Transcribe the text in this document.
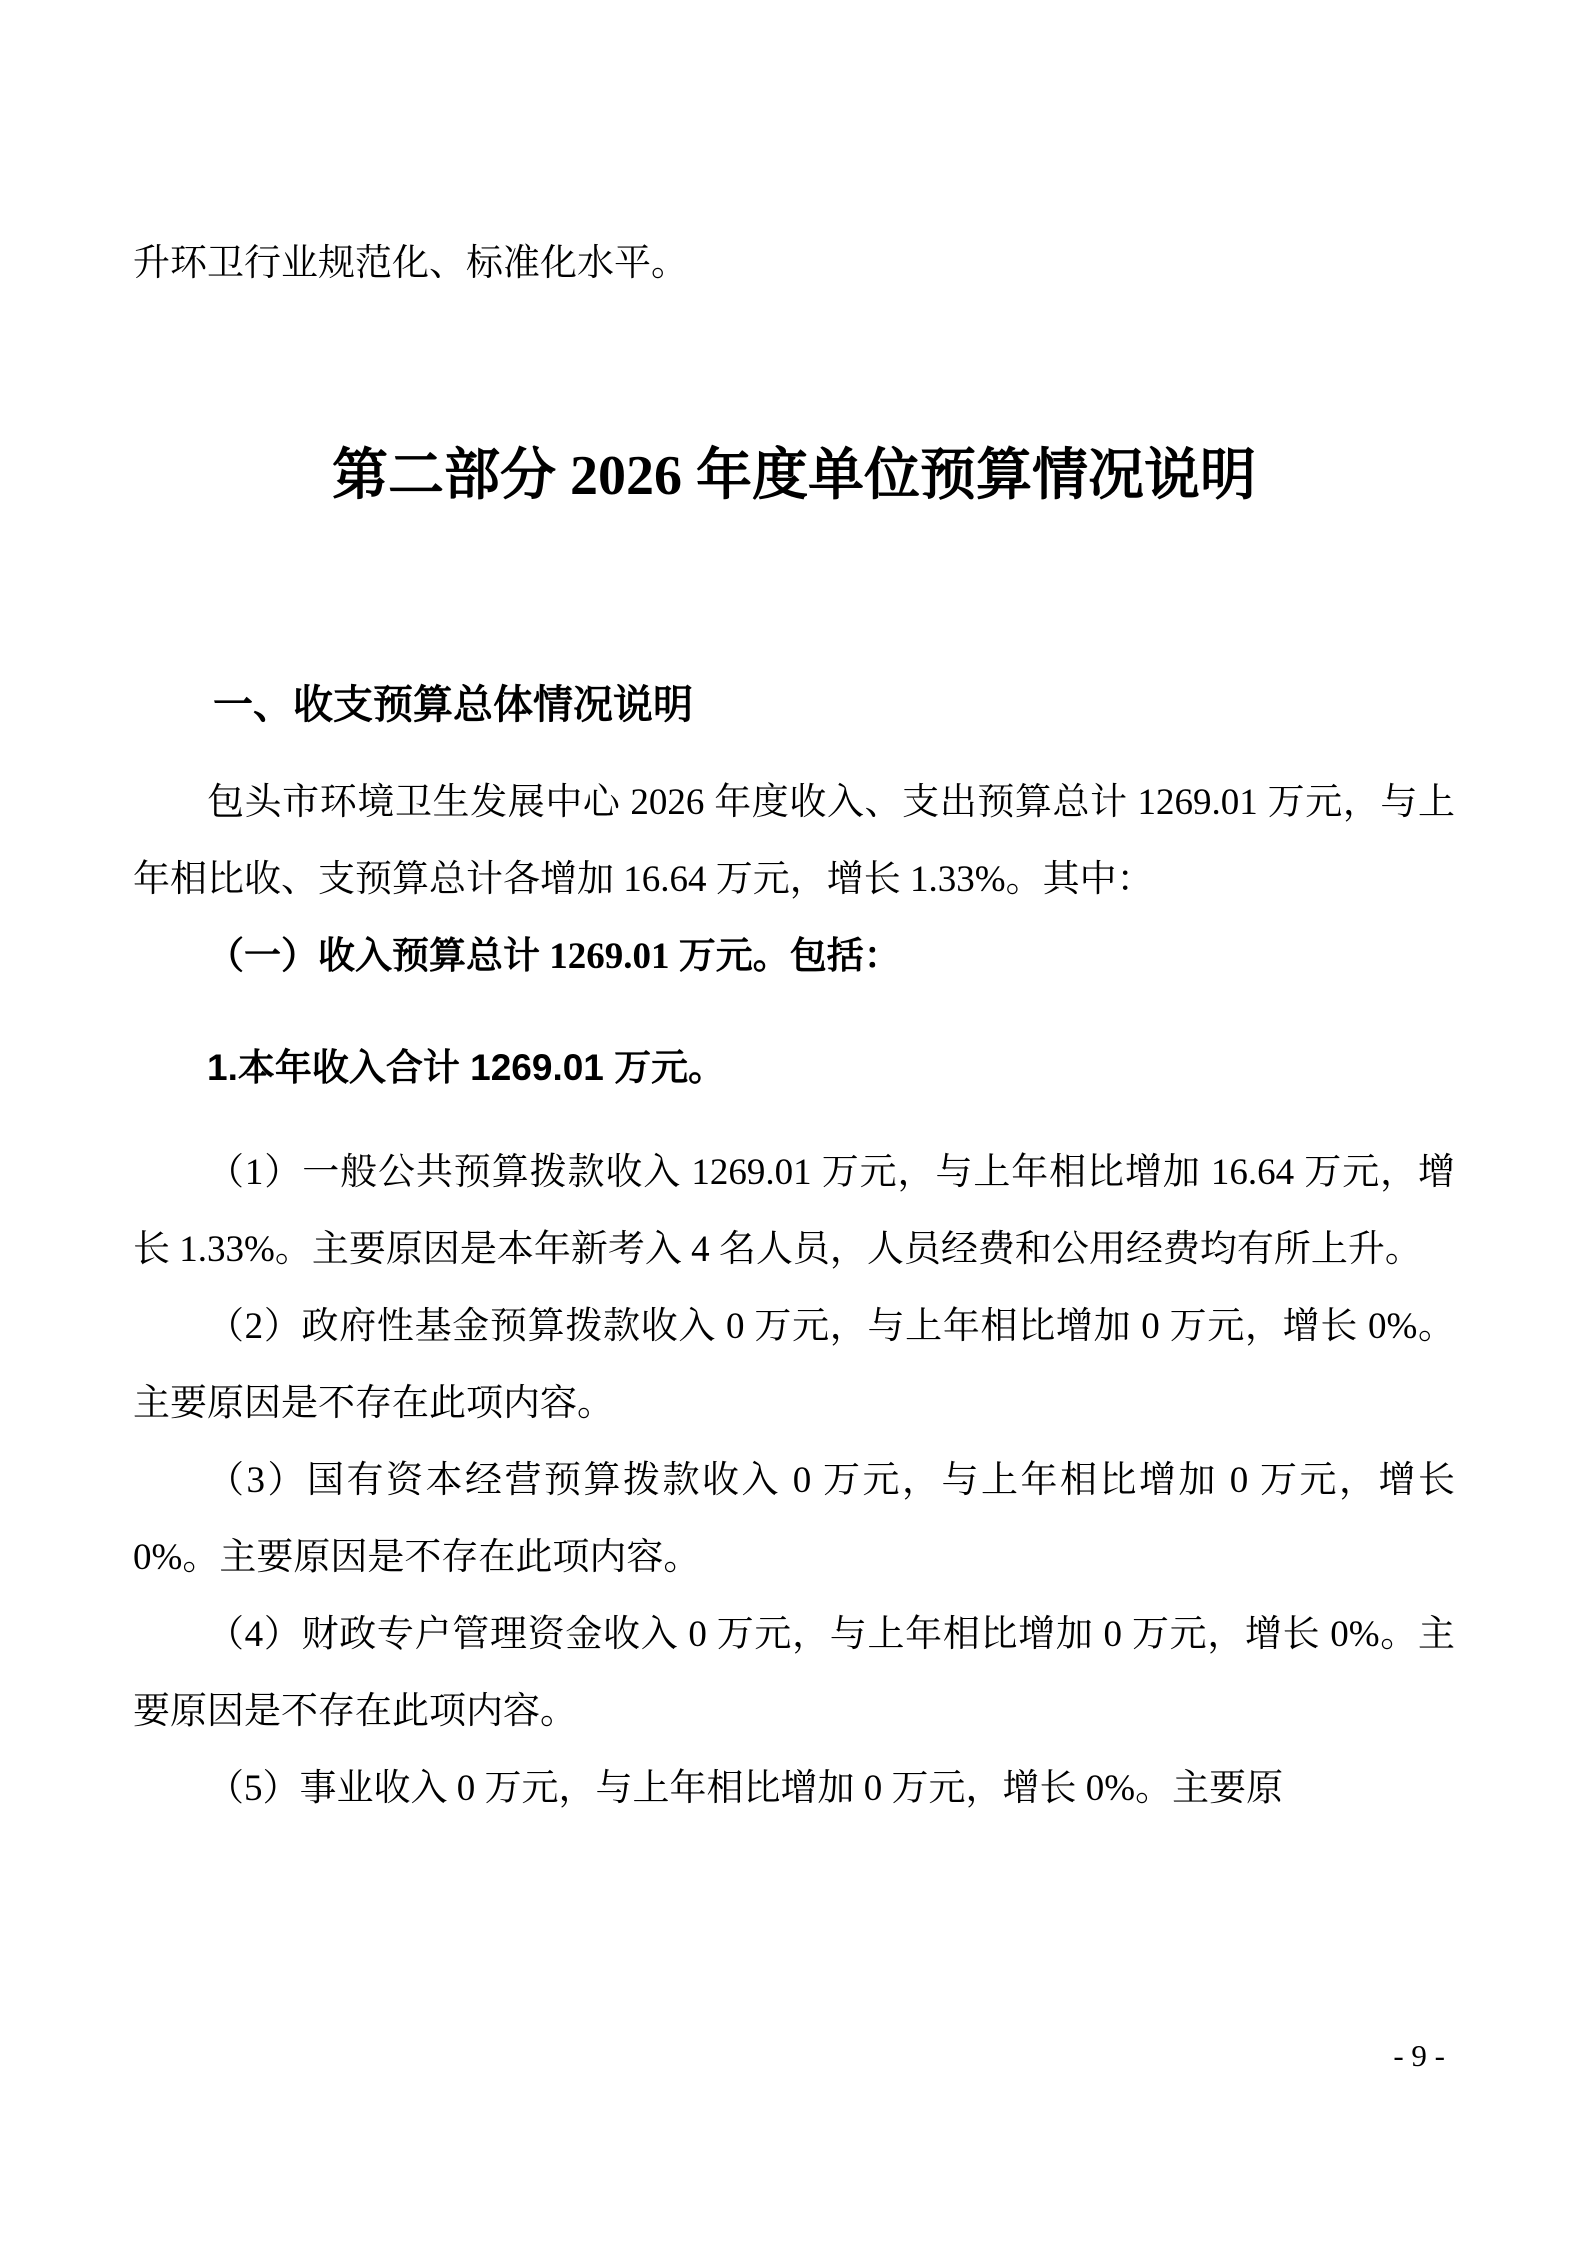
升环卫行业规范化、标准化水平。

第二部分 2026 年度单位预算情况说明
一、收支预算总体情况说明

包头市环境卫生发展中心 2026 年度收入、支出预算总计 1269.01 万元，与上年相比收、支预算总计各增加 16.64 万元，增长 1.33%。其中：

（一）收入预算总计 1269.01 万元。包括：

1.本年收入合计 1269.01 万元。

（1）一般公共预算拨款收入 1269.01 万元，与上年相比增加 16.64 万元，增长 1.33%。主要原因是本年新考入 4 名人员，人员经费和公用经费均有所上升。

（2）政府性基金预算拨款收入 0 万元，与上年相比增加 0 万元，增长 0%。主要原因是不存在此项内容。

（3）国有资本经营预算拨款收入 0 万元，与上年相比增加 0 万元，增长 0%。主要原因是不存在此项内容。

（4）财政专户管理资金收入 0 万元，与上年相比增加 0 万元，增长 0%。主要原因是不存在此项内容。

（5）事业收入 0 万元，与上年相比增加 0 万元，增长 0%。主要原

- 9 -
